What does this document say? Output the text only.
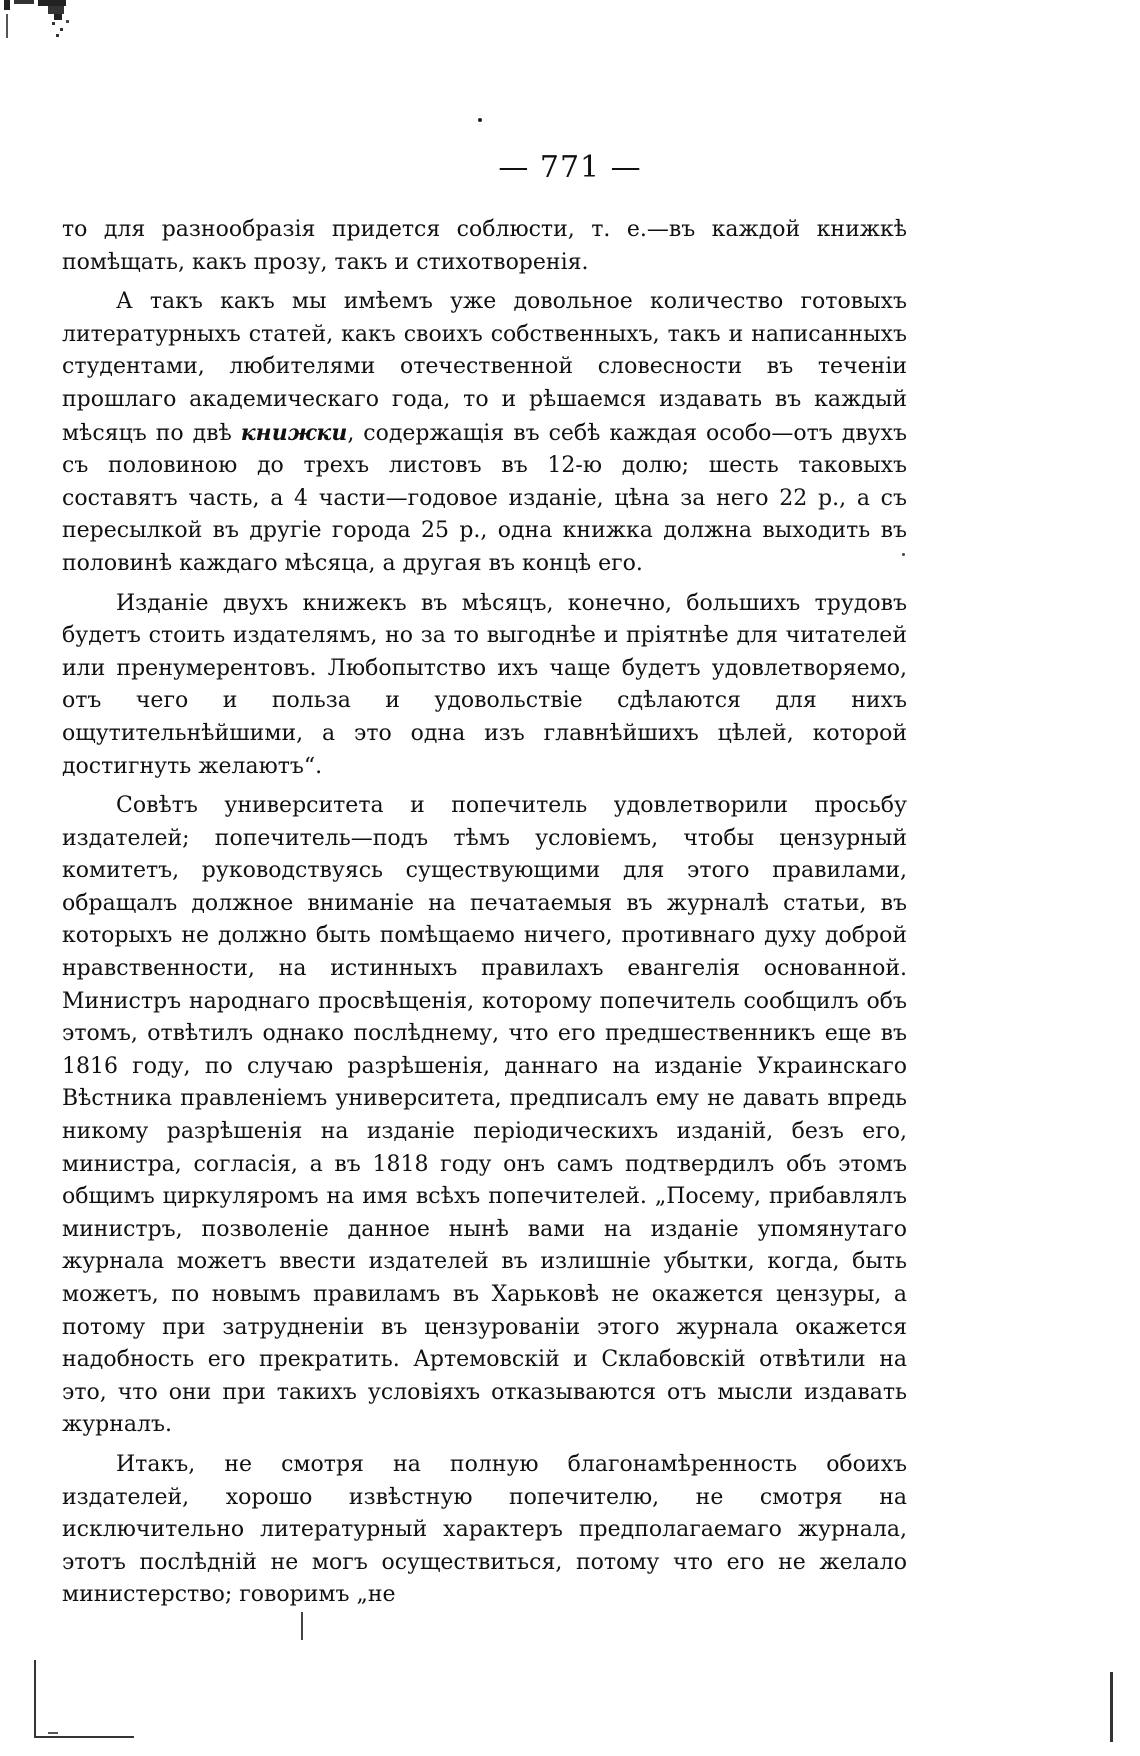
— 771 —

то для разнообразія придется соблюсти, т. е.—въ каждой книжкѣ помѣщать, какъ прозу, такъ и стихотворенія.

А такъ какъ мы имѣемъ уже довольное количество готовыхъ литературныхъ статей, какъ своихъ собственныхъ, такъ и написанныхъ студентами, любителями отечественной словесности въ теченіи прошлаго академическаго года, то и рѣшаемся издавать въ каждый мѣсяцъ по двѣ книжки, содержащія въ себѣ каждая особо—отъ двухъ съ половиною до трехъ листовъ въ 12-ю долю; шесть таковыхъ составятъ часть, а 4 части—годовое изданіе, цѣна за него 22 р., а съ пересылкой въ другіе города 25 р., одна книжка должна выходить въ половинѣ каждаго мѣсяца, а другая въ концѣ его.

Изданіе двухъ книжекъ въ мѣсяцъ, конечно, большихъ трудовъ будетъ стоить издателямъ, но за то выгоднѣе и пріятнѣе для читателей или пренумерентовъ. Любопытство ихъ чаще будетъ удовлетворяемо, отъ чего и польза и удовольствіе сдѣлаются для нихъ ощутительнѣйшими, а это одна изъ главнѣйшихъ цѣлей, которой достигнуть желаютъ“.

Совѣтъ университета и попечитель удовлетворили просьбу издателей; попечитель—подъ тѣмъ условіемъ, чтобы цензурный комитетъ, руководствуясь существующими для этого правилами, обращалъ должное вниманіе на печатаемыя въ журналѣ статьи, въ которыхъ не должно быть помѣщаемо ничего, противнаго духу доброй нравственности, на истинныхъ правилахъ евангелія основанной. Министръ народнаго просвѣщенія, которому попечитель сообщилъ объ этомъ, отвѣтилъ однако послѣднему, что его предшественникъ еще въ 1816 году, по случаю разрѣшенія, даннаго на изданіе Украинскаго Вѣстника правленіемъ университета, предписалъ ему не давать впредь никому разрѣшенія на изданіе періодическихъ изданій, безъ его, министра, согласія, а въ 1818 году онъ самъ подтвердилъ объ этомъ общимъ циркуляромъ на имя всѣхъ попечителей. „Посему, прибавлялъ министръ, позволеніе данное нынѣ вами на изданіе упомянутаго журнала можетъ ввести издателей въ излишніе убытки, когда, быть можетъ, по новымъ правиламъ въ Харьковѣ не окажется цензуры, а потому при затрудненіи въ цензурованіи этого журнала окажется надобность его прекратить. Артемовскій и Склабовскій отвѣтили на это, что они при такихъ условіяхъ отказываются отъ мысли издавать журналъ.

Итакъ, не смотря на полную благонамѣренность обоихъ издателей, хорошо извѣстную попечителю, не смотря на исключительно литературный характеръ предполагаемаго журнала, этотъ послѣдній не могъ осуществиться, потому что его не желало министерство; говоримъ „не
